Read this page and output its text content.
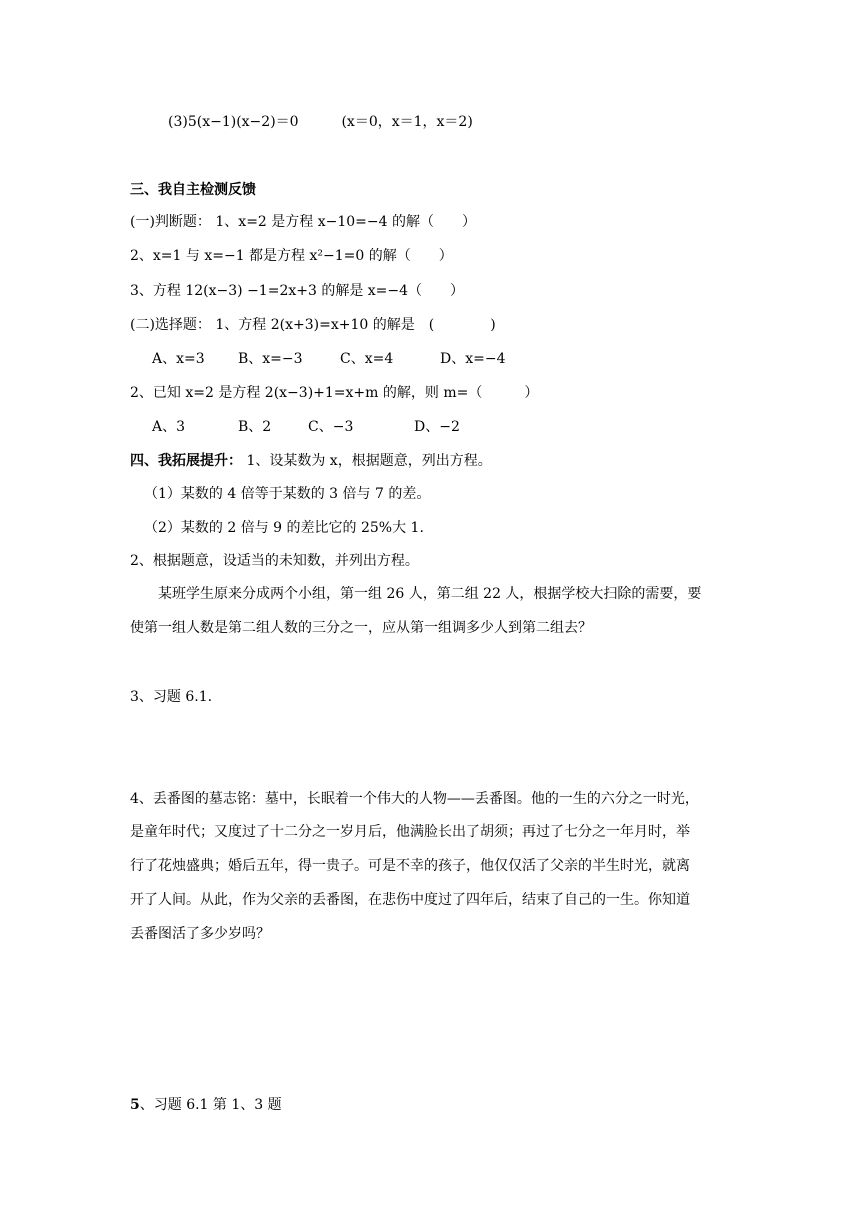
(3)5(x−1)(x−2)＝0	(x＝0，x＝1，x＝2)
三、我自主检测反馈
(一)判断题： 1、x=2 是方程 x−10=−4 的解（　　）
2、x=1 与 x=−1 都是方程 x²−1=0 的解（　　）
3、方程 12(x−3) −1=2x+3 的解是 x=−4（　　）
(二)选择题： 1、方程 2(x+3)=x+10 的解是　(　　　　)
A、x=3 B、x=−3	C、x=4	D、x=−4
2、已知 x=2 是方程 2(x−3)+1=x+m 的解，则 m=（　　　）
A、3	B、2	C、−3	D、−2
四、我拓展提升： 1、设某数为 x，根据题意，列出方程。
（1）某数的 4 倍等于某数的 3 倍与 7 的差。
（2）某数的 2 倍与 9 的差比它的 25%大 1.
2、根据题意，设适当的未知数，并列出方程。
某班学生原来分成两个小组，第一组 26 人，第二组 22 人，根据学校大扫除的需要，要
使第一组人数是第二组人数的三分之一，应从第一组调多少人到第二组去？
3、习题 6.1.
4、丢番图的墓志铭：墓中，长眠着一个伟大的人物——丢番图。他的一生的六分之一时光，
是童年时代；又度过了十二分之一岁月后，他满脸长出了胡须；再过了七分之一年月时，举
行了花烛盛典；婚后五年，得一贵子。可是不幸的孩子，他仅仅活了父亲的半生时光，就离
开了人间。从此，作为父亲的丢番图，在悲伤中度过了四年后，结束了自己的一生。你知道
丢番图活了多少岁吗？
5、习题 6.1 第 1、3 题
